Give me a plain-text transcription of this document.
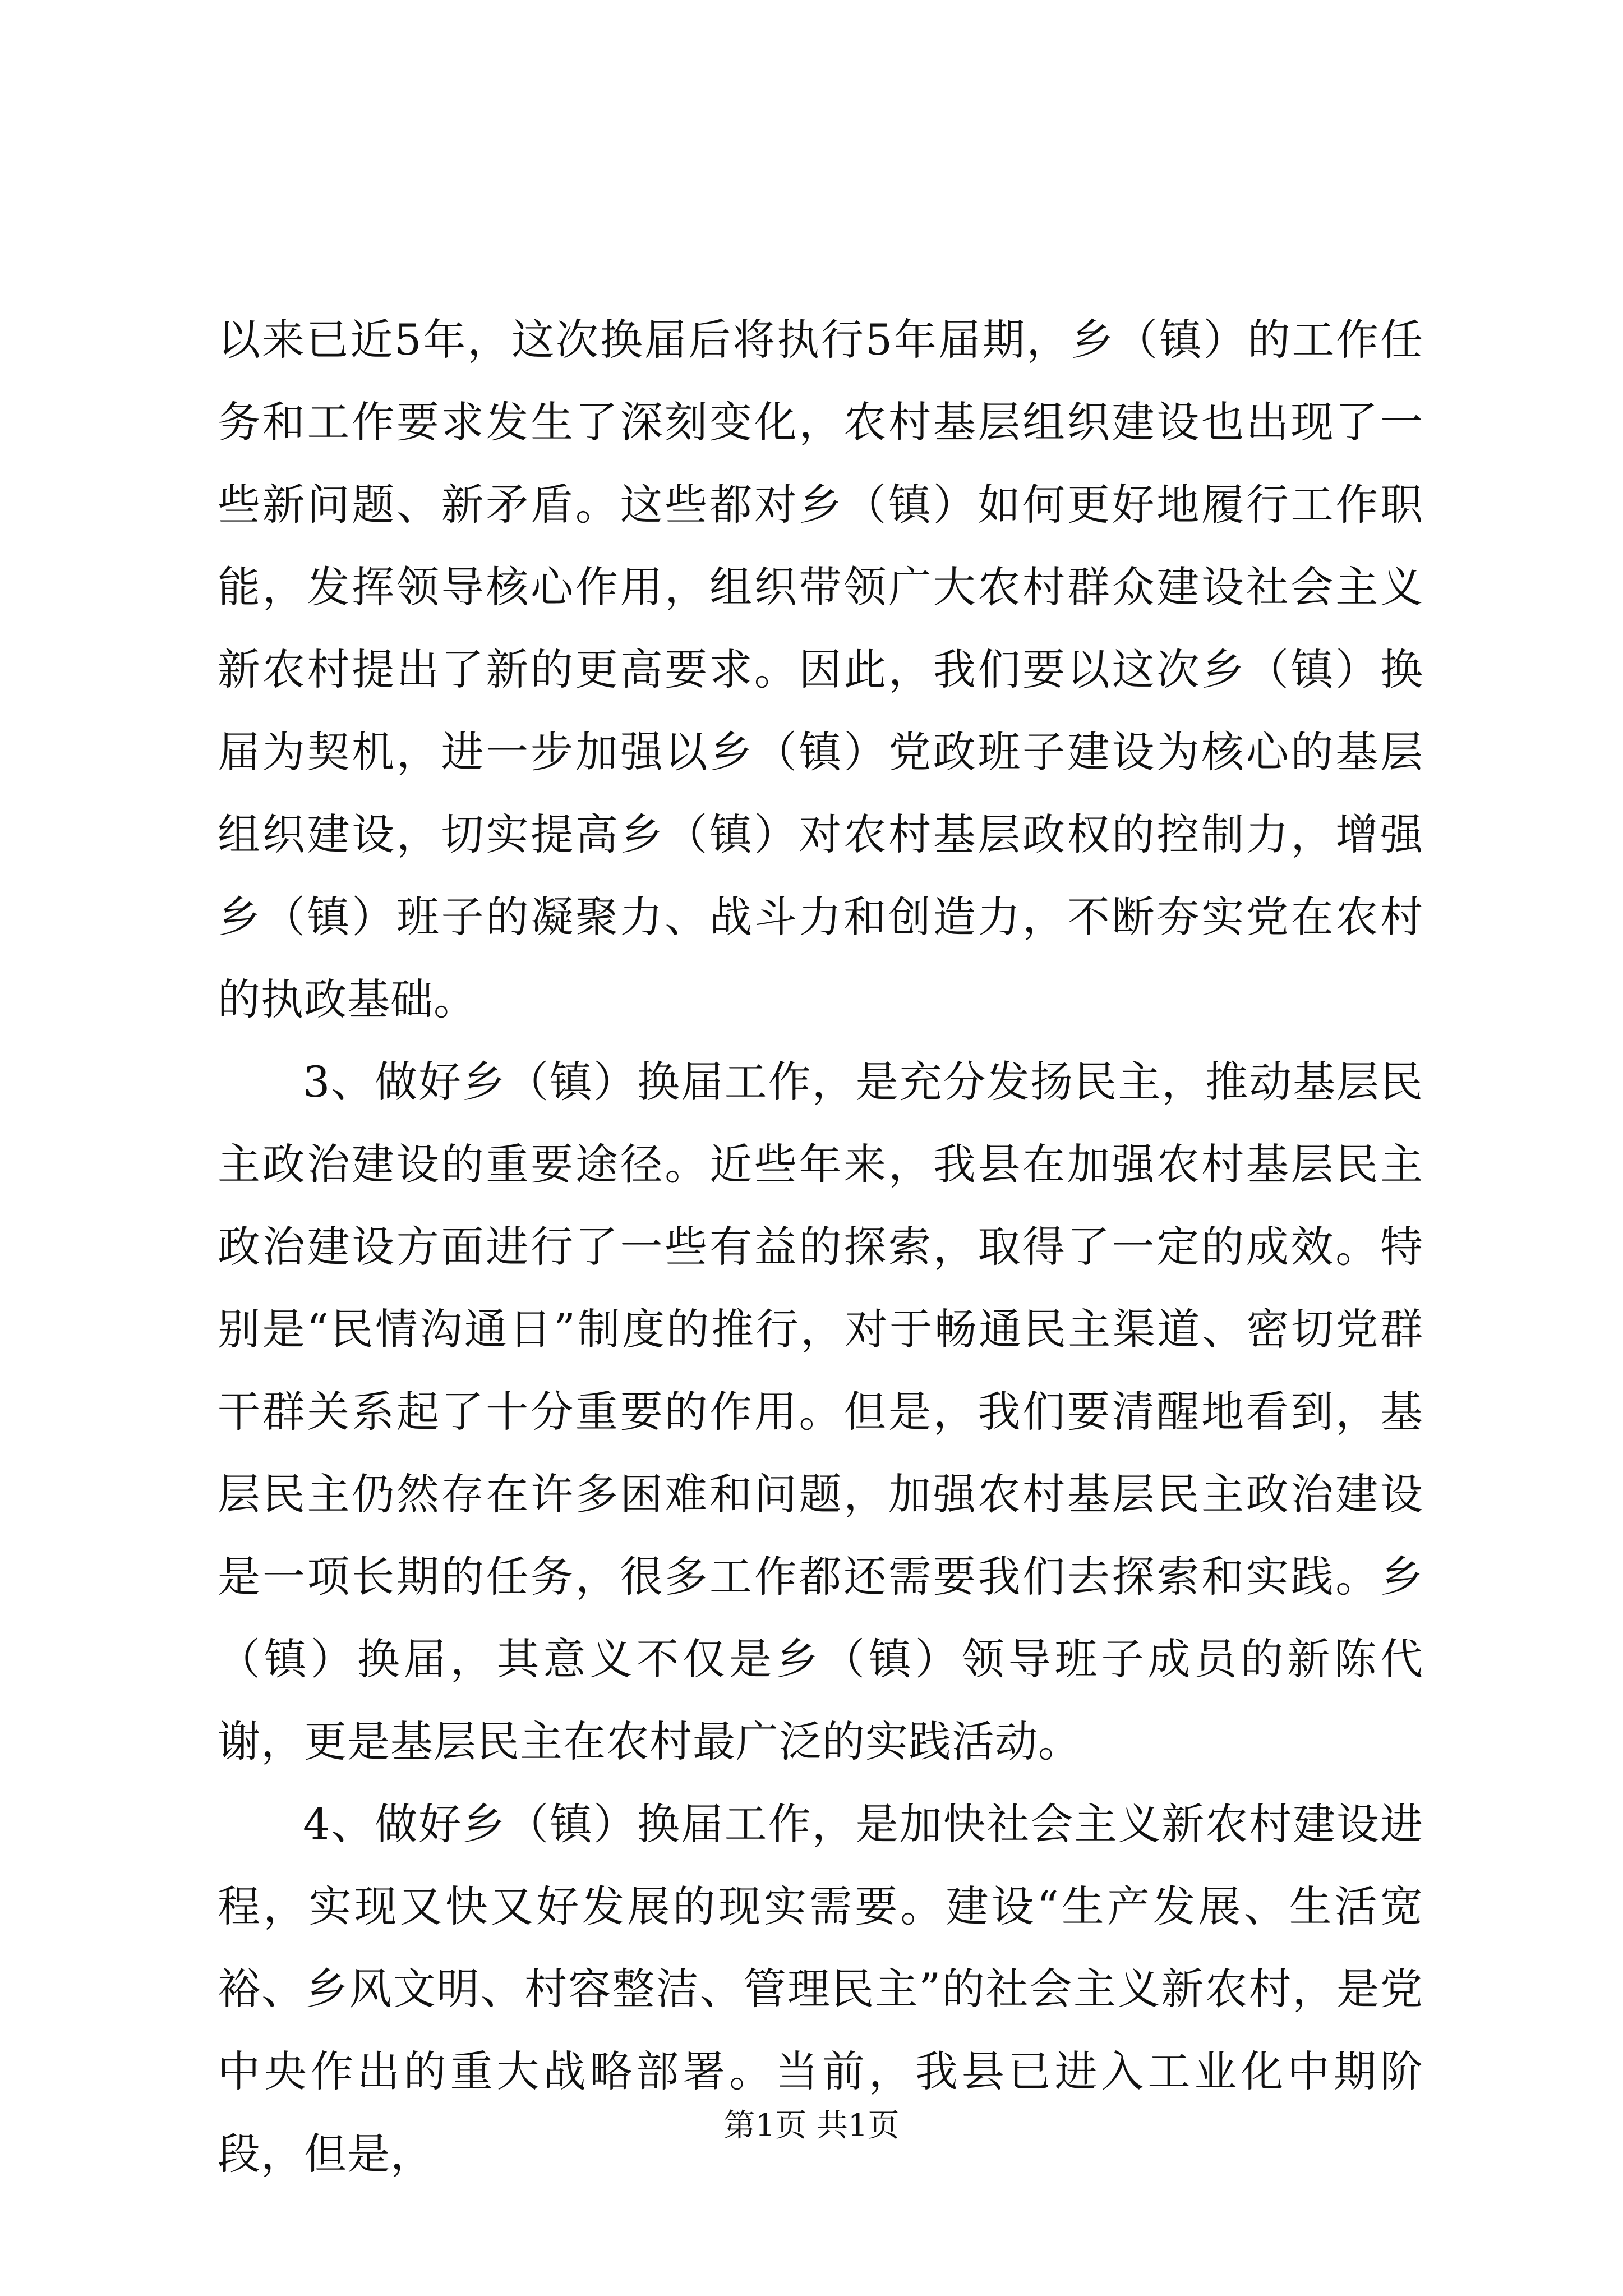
以来已近5年，这次换届后将执行5年届期，乡（镇）的工作任务和工作要求发生了深刻变化，农村基层组织建设也出现了一些新问题、新矛盾。这些都对乡（镇）如何更好地履行工作职能，发挥领导核心作用，组织带领广大农村群众建设社会主义新农村提出了新的更高要求。因此，我们要以这次乡（镇）换届为契机，进一步加强以乡（镇）党政班子建设为核心的基层组织建设，切实提高乡（镇）对农村基层政权的控制力，增强乡（镇）班子的凝聚力、战斗力和创造力，不断夯实党在农村的执政基础。

3、做好乡（镇）换届工作，是充分发扬民主，推动基层民主政治建设的重要途径。近些年来，我县在加强农村基层民主政治建设方面进行了一些有益的探索，取得了一定的成效。特别是“民情沟通日”制度的推行，对于畅通民主渠道、密切党群干群关系起了十分重要的作用。但是，我们要清醒地看到，基层民主仍然存在许多困难和问题，加强农村基层民主政治建设是一项长期的任务，很多工作都还需要我们去探索和实践。乡（镇）换届，其意义不仅是乡（镇）领导班子成员的新陈代谢，更是基层民主在农村最广泛的实践活动。

4、做好乡（镇）换届工作，是加快社会主义新农村建设进程，实现又快又好发展的现实需要。建设“生产发展、生活宽裕、乡风文明、村容整洁、管理民主”的社会主义新农村，是党中央作出的重大战略部署。当前，我县已进入工业化中期阶段，但是，

第1页 共1页
